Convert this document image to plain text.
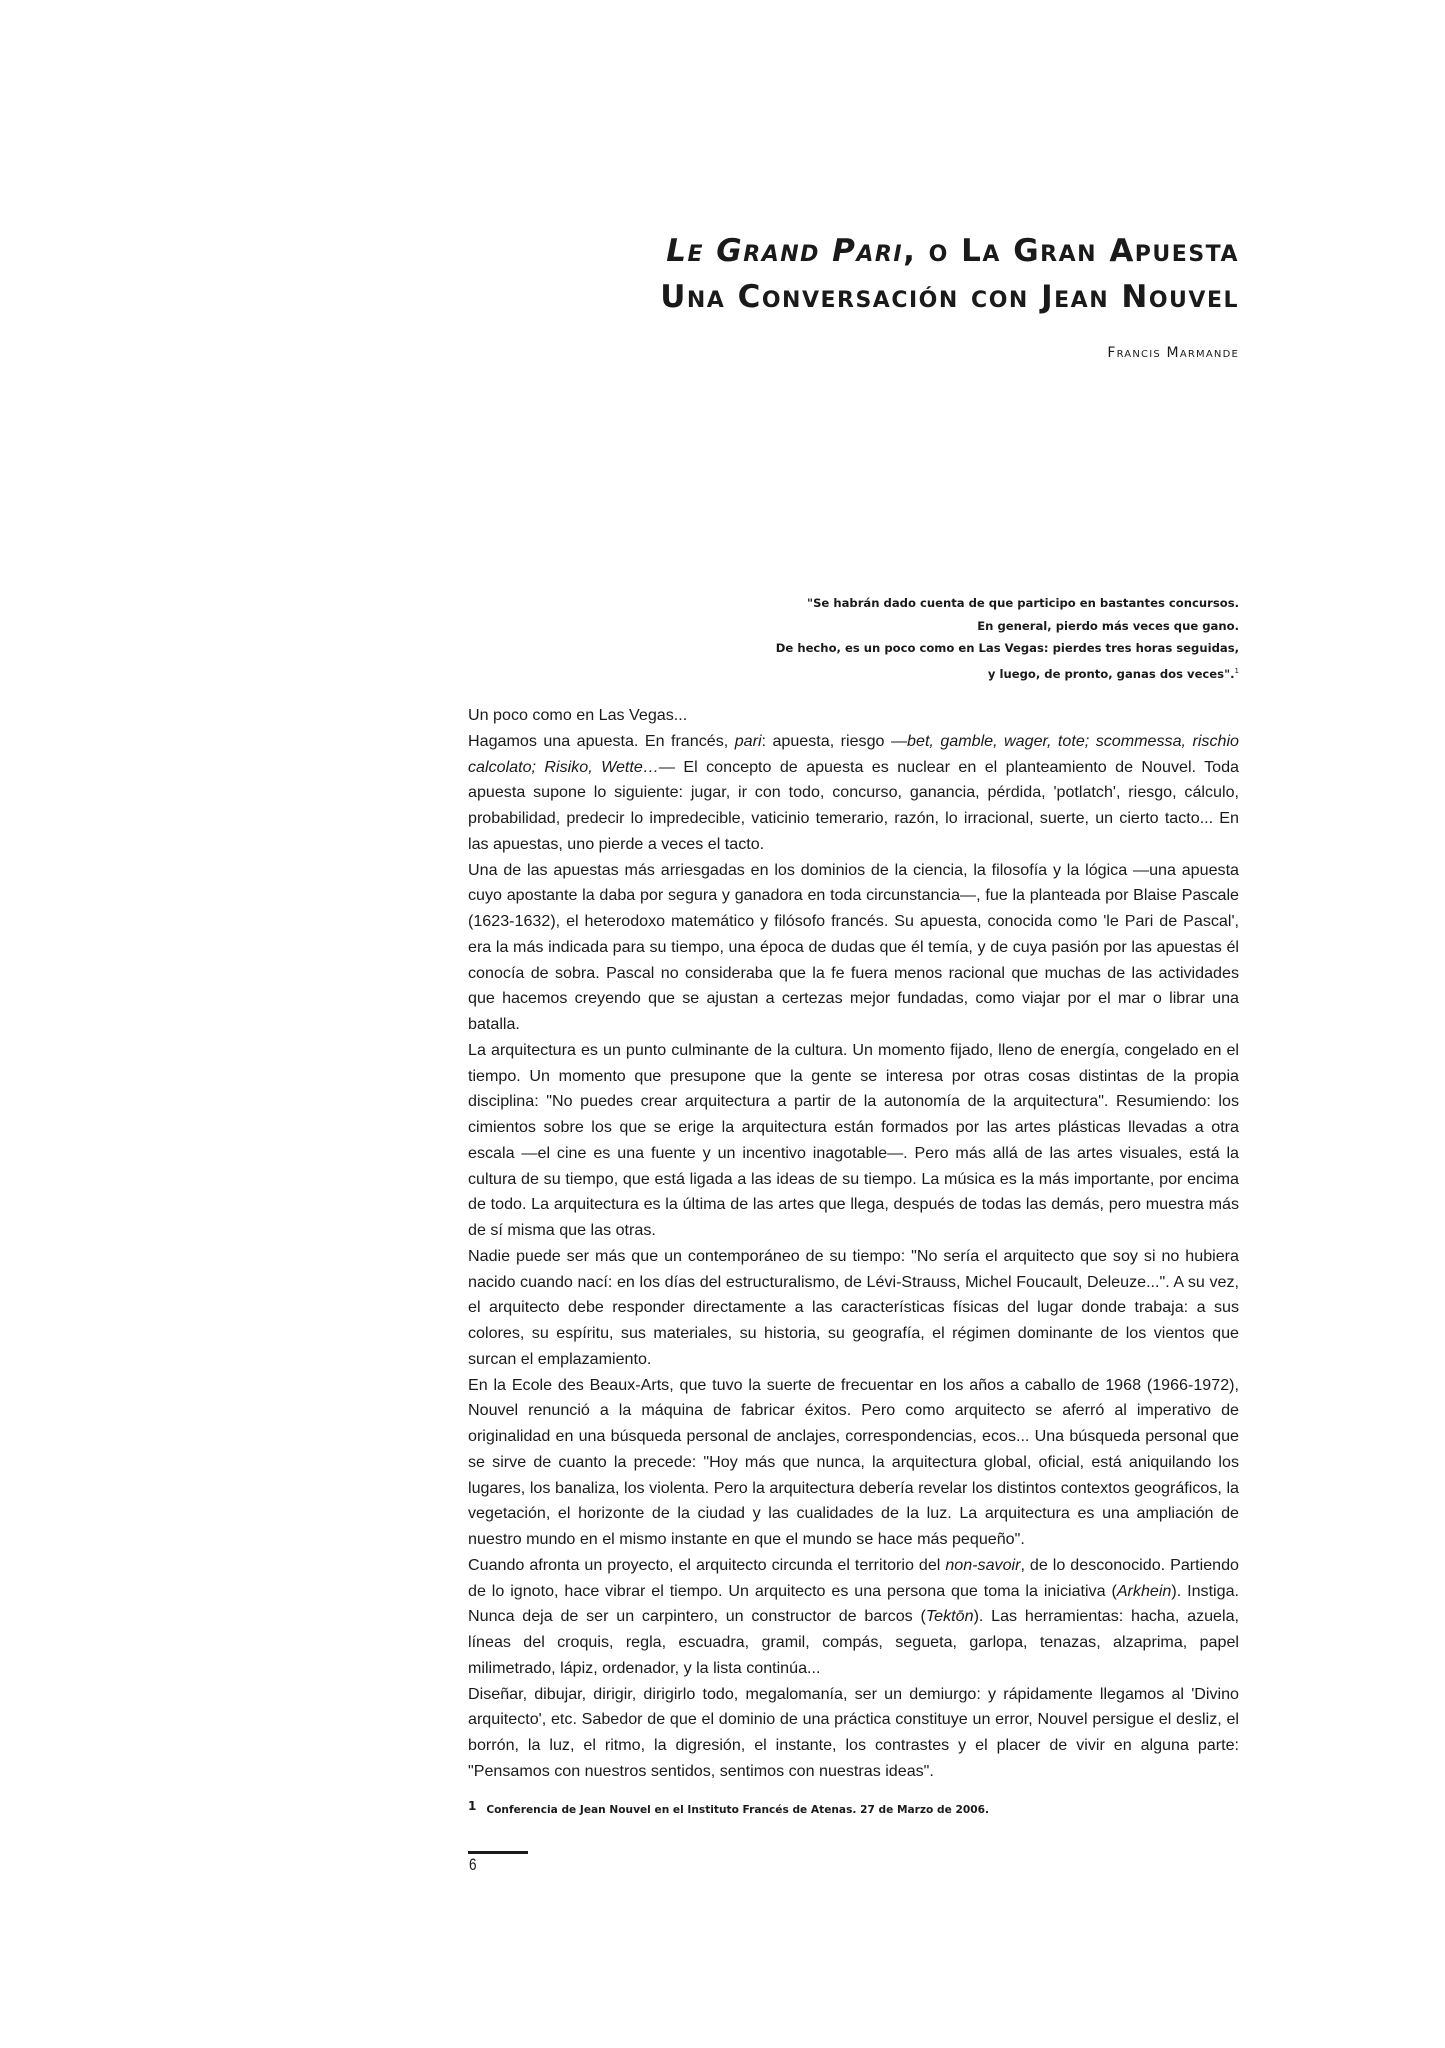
Le Grand Pari, o La Gran Apuesta
Una Conversación con Jean Nouvel
Francis Marmande
"Se habrán dado cuenta de que participo en bastantes concursos.
En general, pierdo más veces que gano.
De hecho, es un poco como en Las Vegas: pierdes tres horas seguidas,
y luego, de pronto, ganas dos veces".$^1$

Un poco como en Las Vegas...

Hagamos una apuesta. En francés, pari: apuesta, riesgo —bet, gamble, wager, tote; scommessa, rischio calcolato; Risiko, Wette…— El concepto de apuesta es nuclear en el planteamiento de Nouvel. Toda apuesta supone lo siguiente: jugar, ir con todo, concurso, ganancia, pérdida, 'potlatch', riesgo, cálculo, probabilidad, predecir lo impredecible, vaticinio temerario, razón, lo irracional, suerte, un cierto tacto... En las apuestas, uno pierde a veces el tacto.

Una de las apuestas más arriesgadas en los dominios de la ciencia, la filosofía y la lógica —una apuesta cuyo apostante la daba por segura y ganadora en toda circunstancia—, fue la planteada por Blaise Pascale (1623-1632), el heterodoxo matemático y filósofo francés. Su apuesta, conocida como 'le Pari de Pascal', era la más indicada para su tiempo, una época de dudas que él temía, y de cuya pasión por las apuestas él conocía de sobra. Pascal no consideraba que la fe fuera menos racional que muchas de las actividades que hacemos creyendo que se ajustan a certezas mejor fundadas, como viajar por el mar o librar una batalla.

La arquitectura es un punto culminante de la cultura. Un momento fijado, lleno de energía, congelado en el tiempo. Un momento que presupone que la gente se interesa por otras cosas distintas de la propia disciplina: "No puedes crear arquitectura a partir de la autonomía de la arquitectura". Resumiendo: los cimientos sobre los que se erige la arquitectura están formados por las artes plásticas llevadas a otra escala —el cine es una fuente y un incentivo inagotable—. Pero más allá de las artes visuales, está la cultura de su tiempo, que está ligada a las ideas de su tiempo. La música es la más importante, por encima de todo. La arquitectura es la última de las artes que llega, después de todas las demás, pero muestra más de sí misma que las otras.

Nadie puede ser más que un contemporáneo de su tiempo: "No sería el arquitecto que soy si no hubiera nacido cuando nací: en los días del estructuralismo, de Lévi-Strauss, Michel Foucault, Deleuze...". A su vez, el arquitecto debe responder directamente a las características físicas del lugar donde trabaja: a sus colores, su espíritu, sus materiales, su historia, su geografía, el régimen dominante de los vientos que surcan el emplazamiento.

En la Ecole des Beaux-Arts, que tuvo la suerte de frecuentar en los años a caballo de 1968 (1966-1972), Nouvel renunció a la máquina de fabricar éxitos. Pero como arquitecto se aferró al imperativo de originalidad en una búsqueda personal de anclajes, correspondencias, ecos... Una búsqueda personal que se sirve de cuanto la precede: "Hoy más que nunca, la arquitectura global, oficial, está aniquilando los lugares, los banaliza, los violenta. Pero la arquitectura debería revelar los distintos contextos geográficos, la vegetación, el horizonte de la ciudad y las cualidades de la luz. La arquitectura es una ampliación de nuestro mundo en el mismo instante en que el mundo se hace más pequeño".

Cuando afronta un proyecto, el arquitecto circunda el territorio del non-savoir, de lo desconocido. Partiendo de lo ignoto, hace vibrar el tiempo. Un arquitecto es una persona que toma la iniciativa (Arkhein). Instiga. Nunca deja de ser un carpintero, un constructor de barcos (Tektōn). Las herramientas: hacha, azuela, líneas del croquis, regla, escuadra, gramil, compás, segueta, garlopa, tenazas, alzaprima, papel milimetrado, lápiz, ordenador, y la lista continúa...

Diseñar, dibujar, dirigir, dirigirlo todo, megalomanía, ser un demiurgo: y rápidamente llegamos al 'Divino arquitecto', etc. Sabedor de que el dominio de una práctica constituye un error, Nouvel persigue el desliz, el borrón, la luz, el ritmo, la digresión, el instante, los contrastes y el placer de vivir en alguna parte: "Pensamos con nuestros sentidos, sentimos con nuestras ideas".

1 Conferencia de Jean Nouvel en el Instituto Francés de Atenas. 27 de Marzo de 2006.
6
